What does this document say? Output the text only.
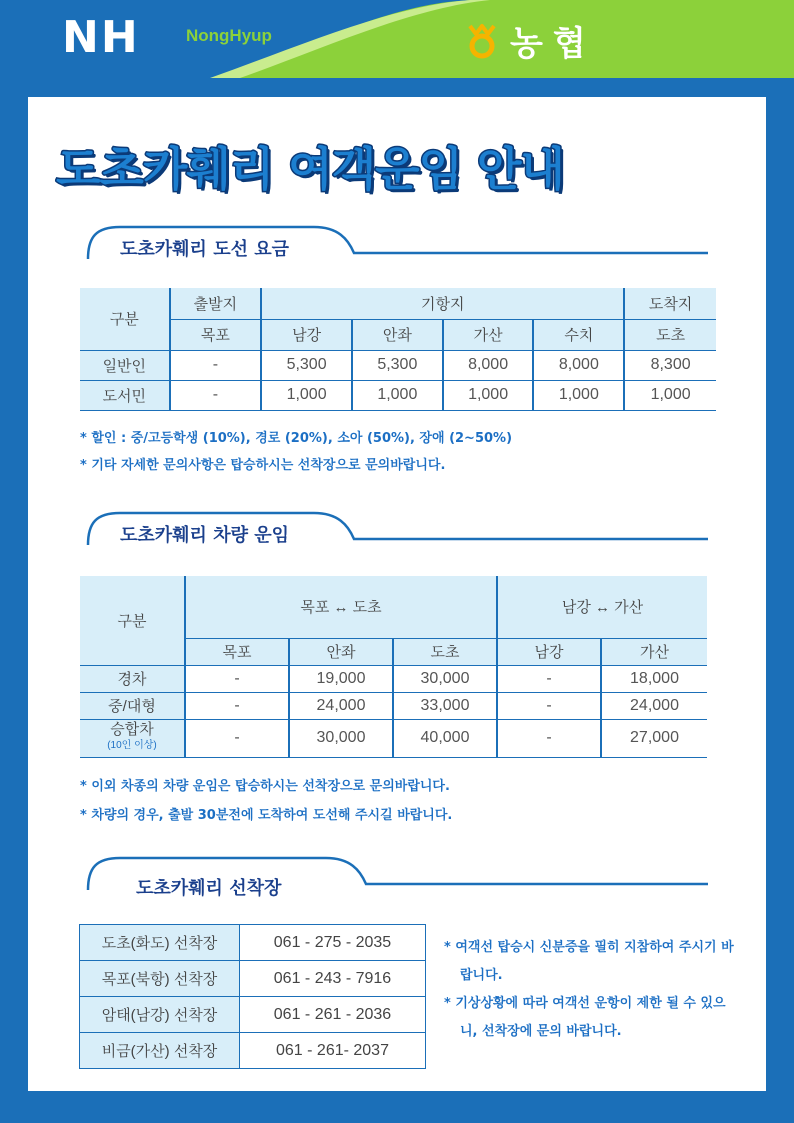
NH	NongHyup	농협
도초카훼리 여객운임 안내
도초카훼리 도선 요금
구분	출발지	기항지				도착지
	목포	남강	안좌	가산	수치	도초
일반인	-	5,300	5,300	8,000	8,000	8,300
도서민	-	1,000	1,000	1,000	1,000	1,000
* 할인 : 중/고등학생 (10%), 경로 (20%), 소아 (50%), 장애 (2~50%)
* 기타 자세한 문의사항은 탑승하시는 선착장으로 문의바랍니다.
도초카훼리 차량 운임
구분	목포 ↔ 도초			남강 ↔ 가산	
	목포	안좌	도초	남강	가산
경차	-	19,000	30,000	-	18,000
중/대형	-	24,000	33,000	-	24,000

승합차
(10인 이상)	-	30,000	40,000	-	27,000
* 이외 차종의 차량 운임은 탑승하시는 선착장으로 문의바랍니다.
* 차량의 경우, 출발 30분전에 도착하여 도선해 주시길 바랍니다.
도초카훼리 선착장
도초(화도) 선착장	061 - 275 - 2035
목포(북항) 선착장	061 - 243 - 7916
암태(남강) 선착장	061 - 261 - 2036
비금(가산) 선착장	061 - 261- 2037

* 여객선 탑승시 신분증을 필히 지참하여 주시기 바랍니다.

* 기상상황에 따라 여객선 운항이 제한 될 수 있으니, 선착장에 문의 바랍니다.
